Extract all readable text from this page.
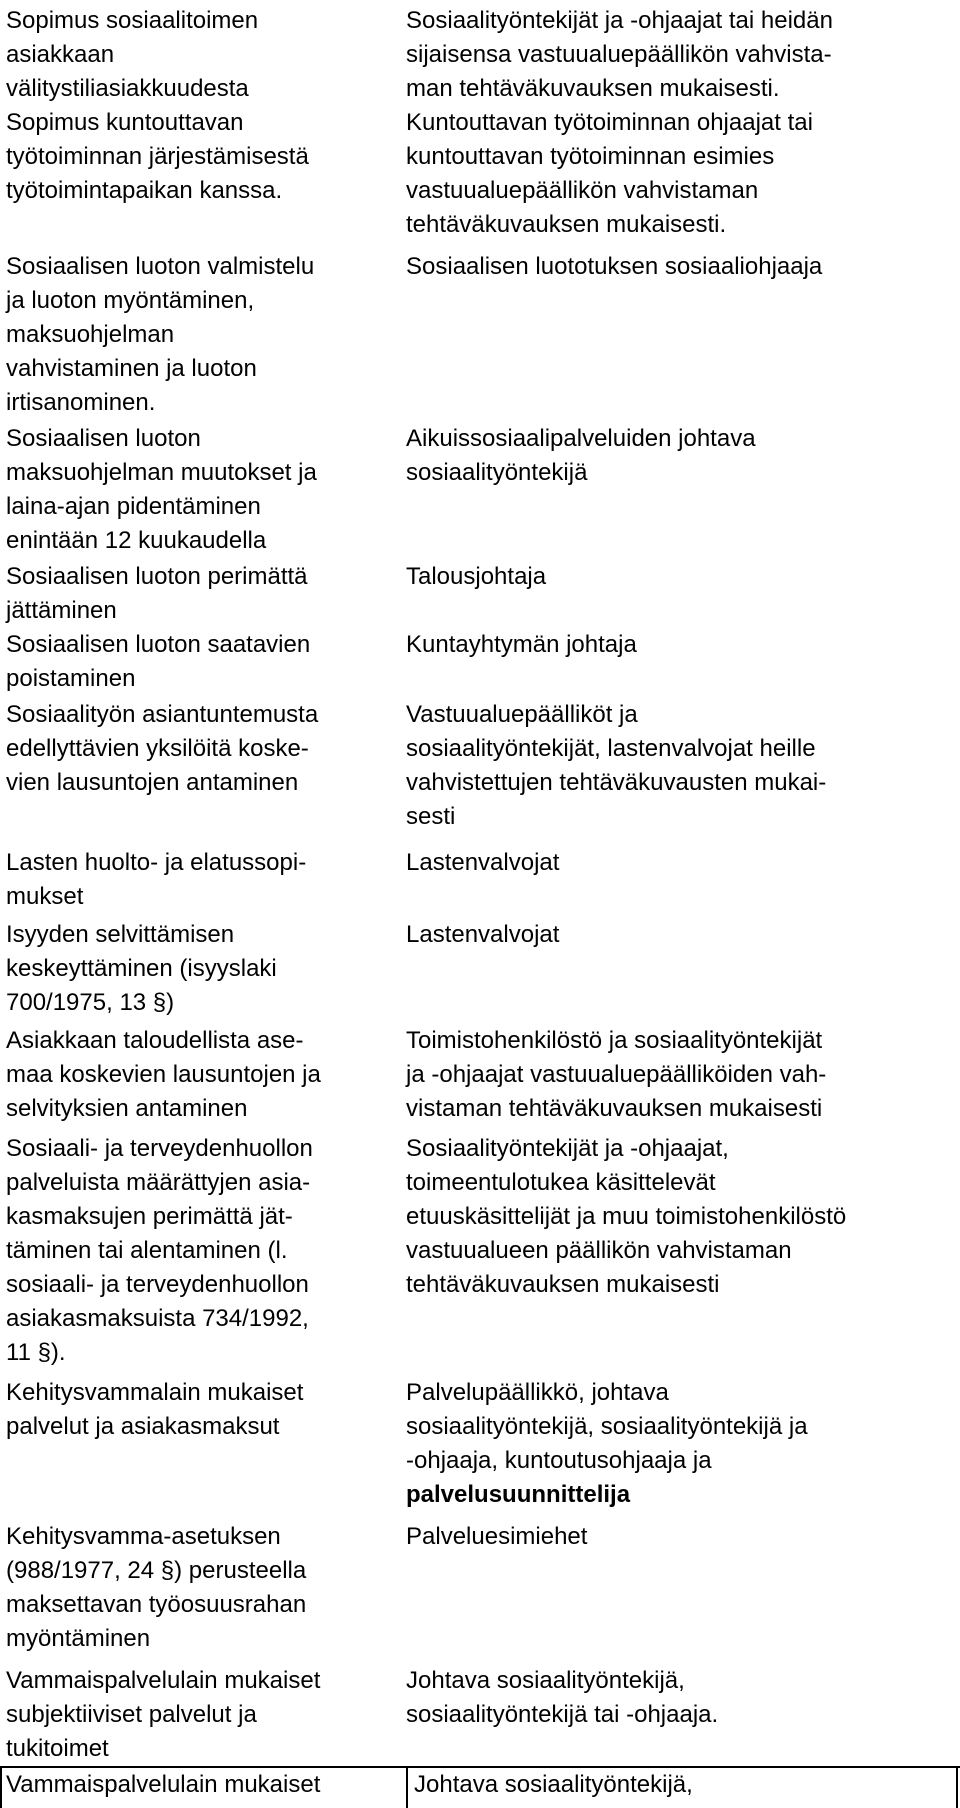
Sopimus sosiaalitoimen
asiakkaan
välitystiliasiakkuudesta
Sosiaalityöntekijät ja -ohjaajat tai heidän
sijaisensa vastuualuepäällikön vahvista-
man tehtäväkuvauksen mukaisesti.
Sopimus kuntouttavan
työtoiminnan järjestämisestä
työtoimintapaikan kanssa.
Kuntouttavan työtoiminnan ohjaajat tai
kuntouttavan työtoiminnan esimies
vastuualuepäällikön vahvistaman
tehtäväkuvauksen mukaisesti.
Sosiaalisen luoton valmistelu
ja luoton myöntäminen,
maksuohjelman
vahvistaminen ja luoton
irtisanominen.
Sosiaalisen luototuksen sosiaaliohjaaja
Sosiaalisen luoton
maksuohjelman muutokset ja
laina-ajan pidentäminen
enintään 12 kuukaudella
Aikuissosiaalipalveluiden johtava
sosiaalityöntekijä
Sosiaalisen luoton perimättä
jättäminen
Talousjohtaja
Sosiaalisen luoton saatavien
poistaminen
Kuntayhtymän johtaja
Sosiaalityön asiantuntemusta
edellyttävien yksilöitä koske-
vien lausuntojen antaminen
Vastuualuepäälliköt ja
sosiaalityöntekijät, lastenvalvojat heille
vahvistettujen tehtäväkuvausten mukai-
sesti
Lasten huolto- ja elatussopi-
mukset
Lastenvalvojat
Isyyden selvittämisen
keskeyttäminen (isyyslaki
700/1975, 13 §)
Lastenvalvojat
Asiakkaan taloudellista ase-
maa koskevien lausuntojen ja
selvityksien antaminen
Toimistohenkilöstö ja sosiaalityöntekijät
ja -ohjaajat vastuualuepäälliköiden vah-
vistaman tehtäväkuvauksen mukaisesti
Sosiaali- ja terveydenhuollon
palveluista määrättyjen asia-
kasmaksujen perimättä jät-
täminen tai alentaminen (l.
sosiaali- ja terveydenhuollon
asiakasmaksuista 734/1992,
11 §).
Sosiaalityöntekijät ja -ohjaajat,
toimeentulotukea käsittelevät
etuuskäsittelijät ja muu toimistohenkilöstö
vastuualueen päällikön vahvistaman
tehtäväkuvauksen mukaisesti
Kehitysvammalain mukaiset
palvelut ja asiakasmaksut
Palvelupäällikkö, johtava
sosiaalityöntekijä, sosiaalityöntekijä ja
-ohjaaja, kuntoutusohjaaja ja
palvelusuunnittelija
Kehitysvamma-asetuksen
(988/1977, 24 §) perusteella
maksettavan työosuusrahan
myöntäminen
Palveluesimiehet
Vammaispalvelulain mukaiset
subjektiiviset palvelut ja
tukitoimet
Johtava sosiaalityöntekijä,
sosiaalityöntekijä tai -ohjaaja.
Vammaispalvelulain mukaiset	Johtava sosiaalityöntekijä,
